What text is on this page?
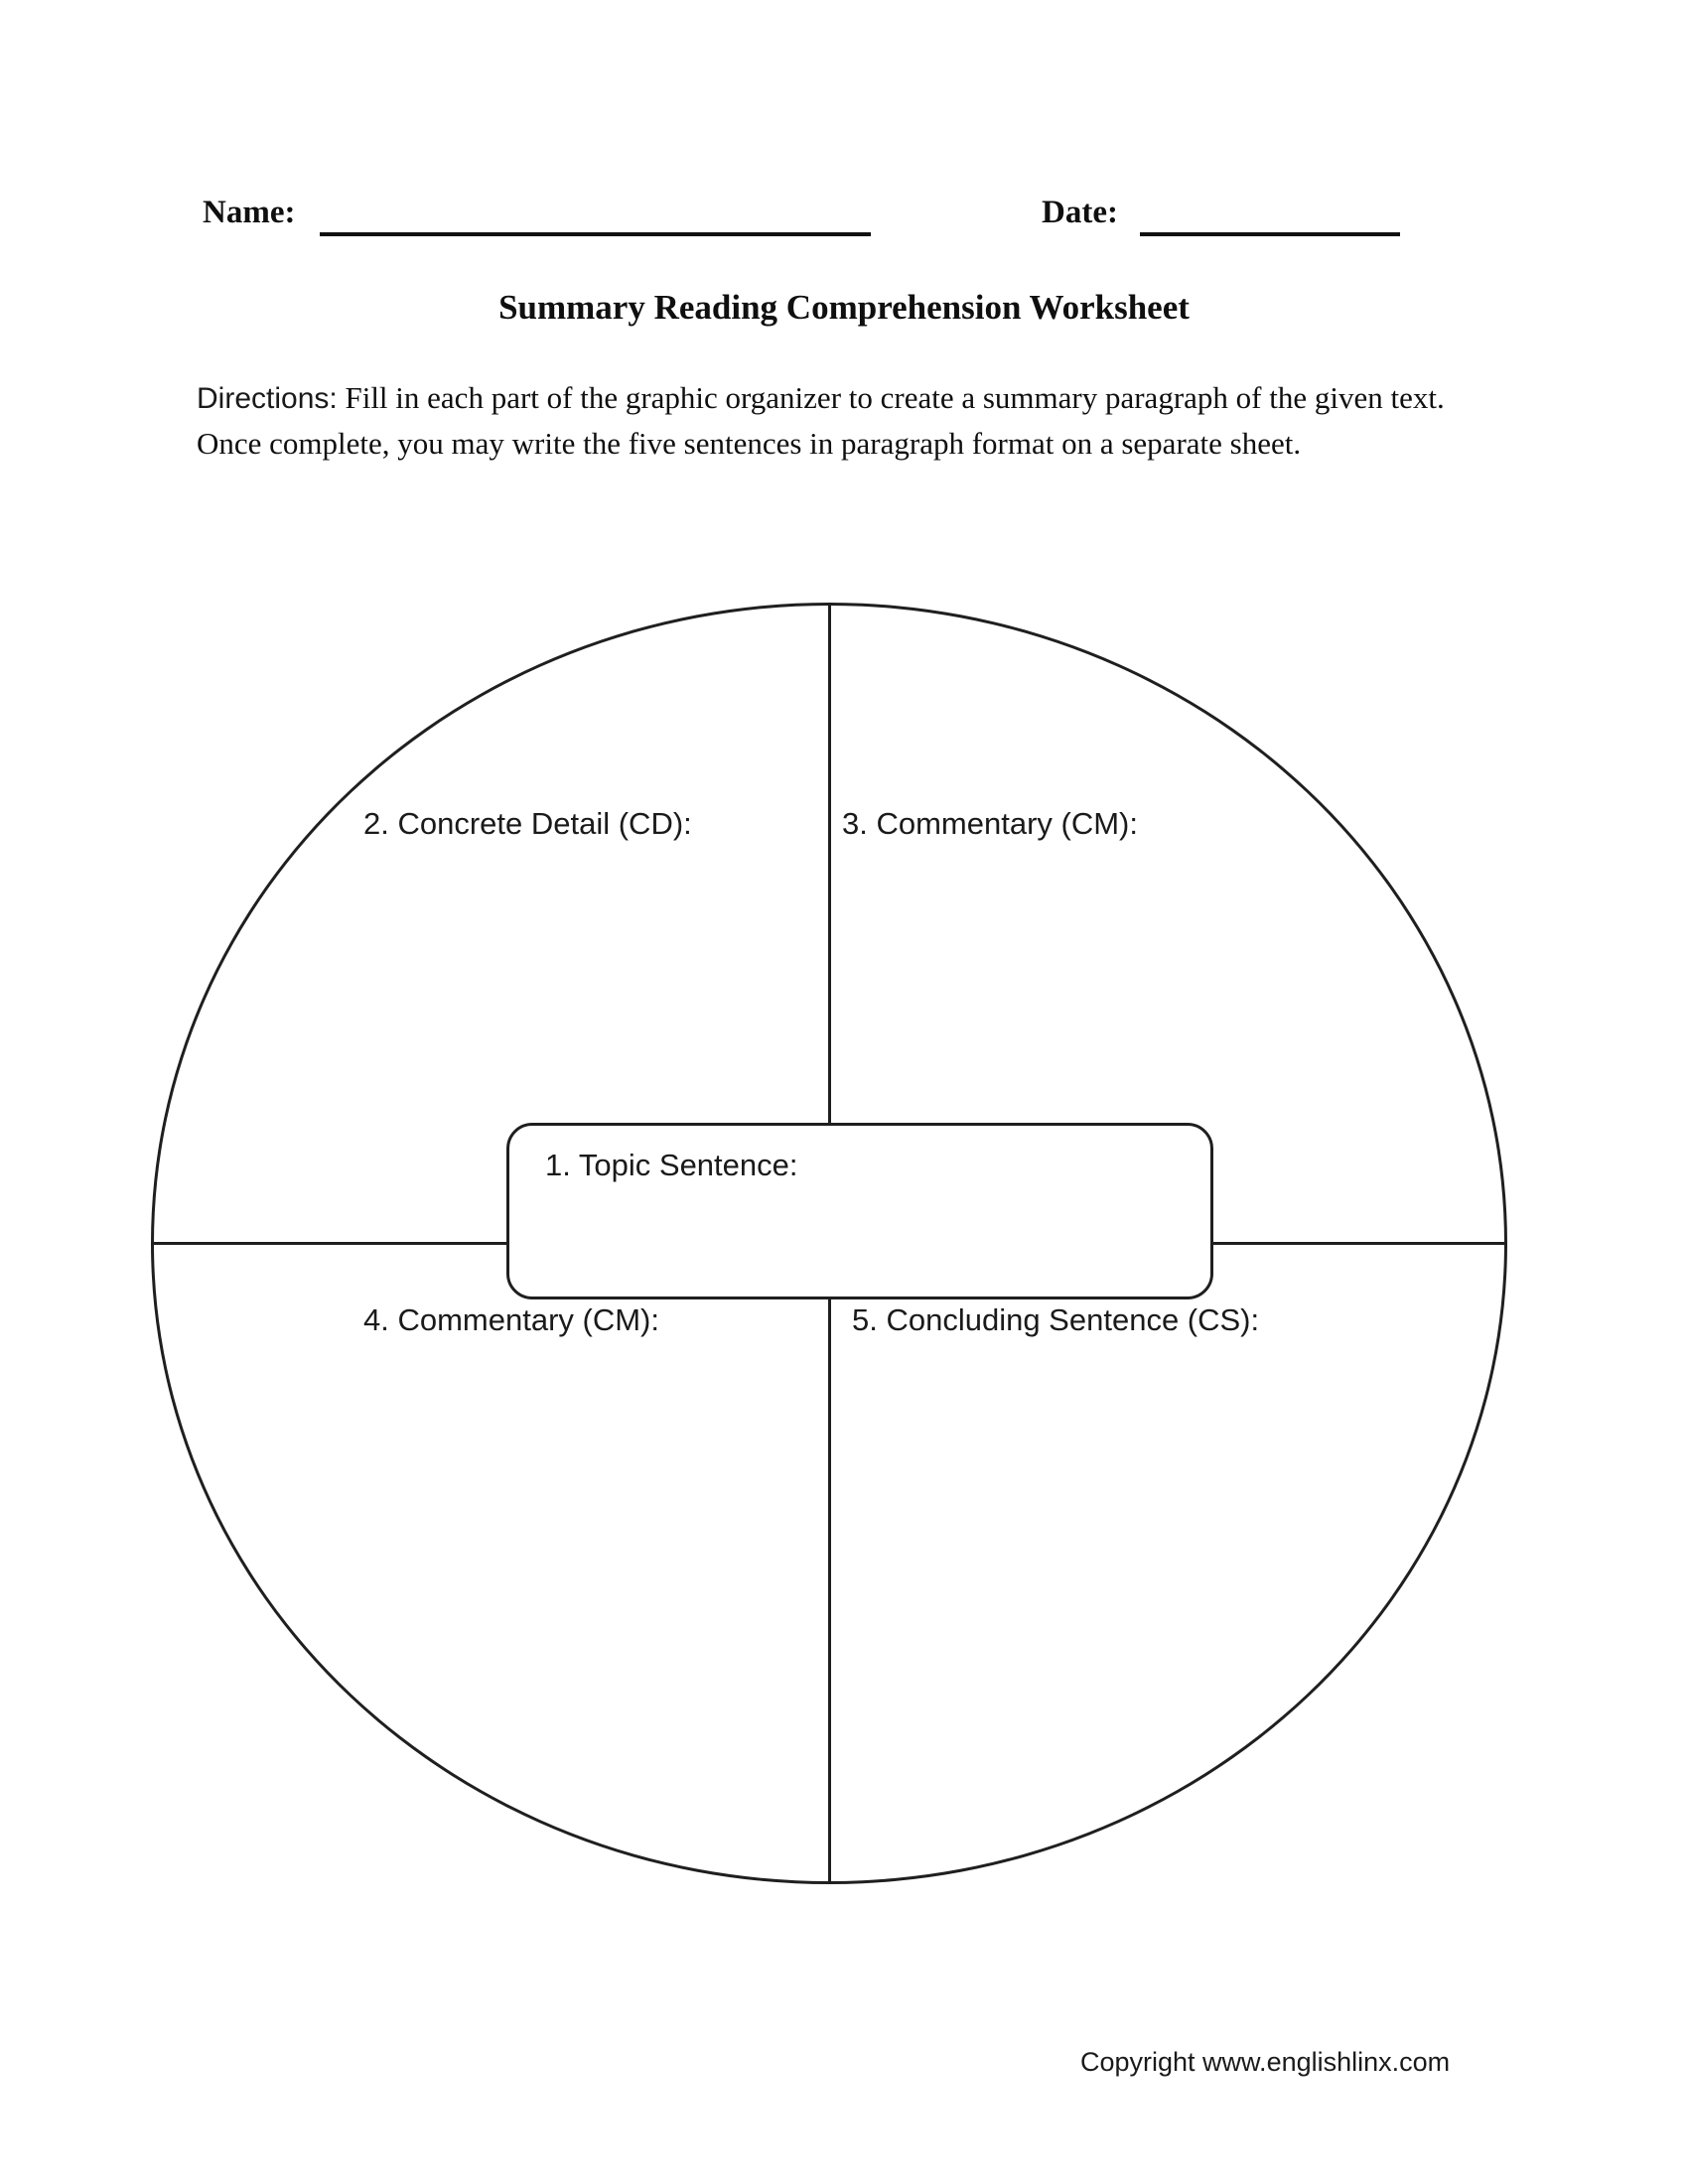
Name:	Date:
Summary Reading Comprehension Worksheet
Directions: Fill in each part of the graphic organizer to create a summary paragraph of the given text. Once complete, you may write the five sentences in paragraph format on a separate sheet.
2. Concrete Detail (CD):	3. Commentary (CM):
4. Commentary (CM):	5. Concluding Sentence (CS):
1. Topic Sentence:
Copyright www.englishlinx.com
